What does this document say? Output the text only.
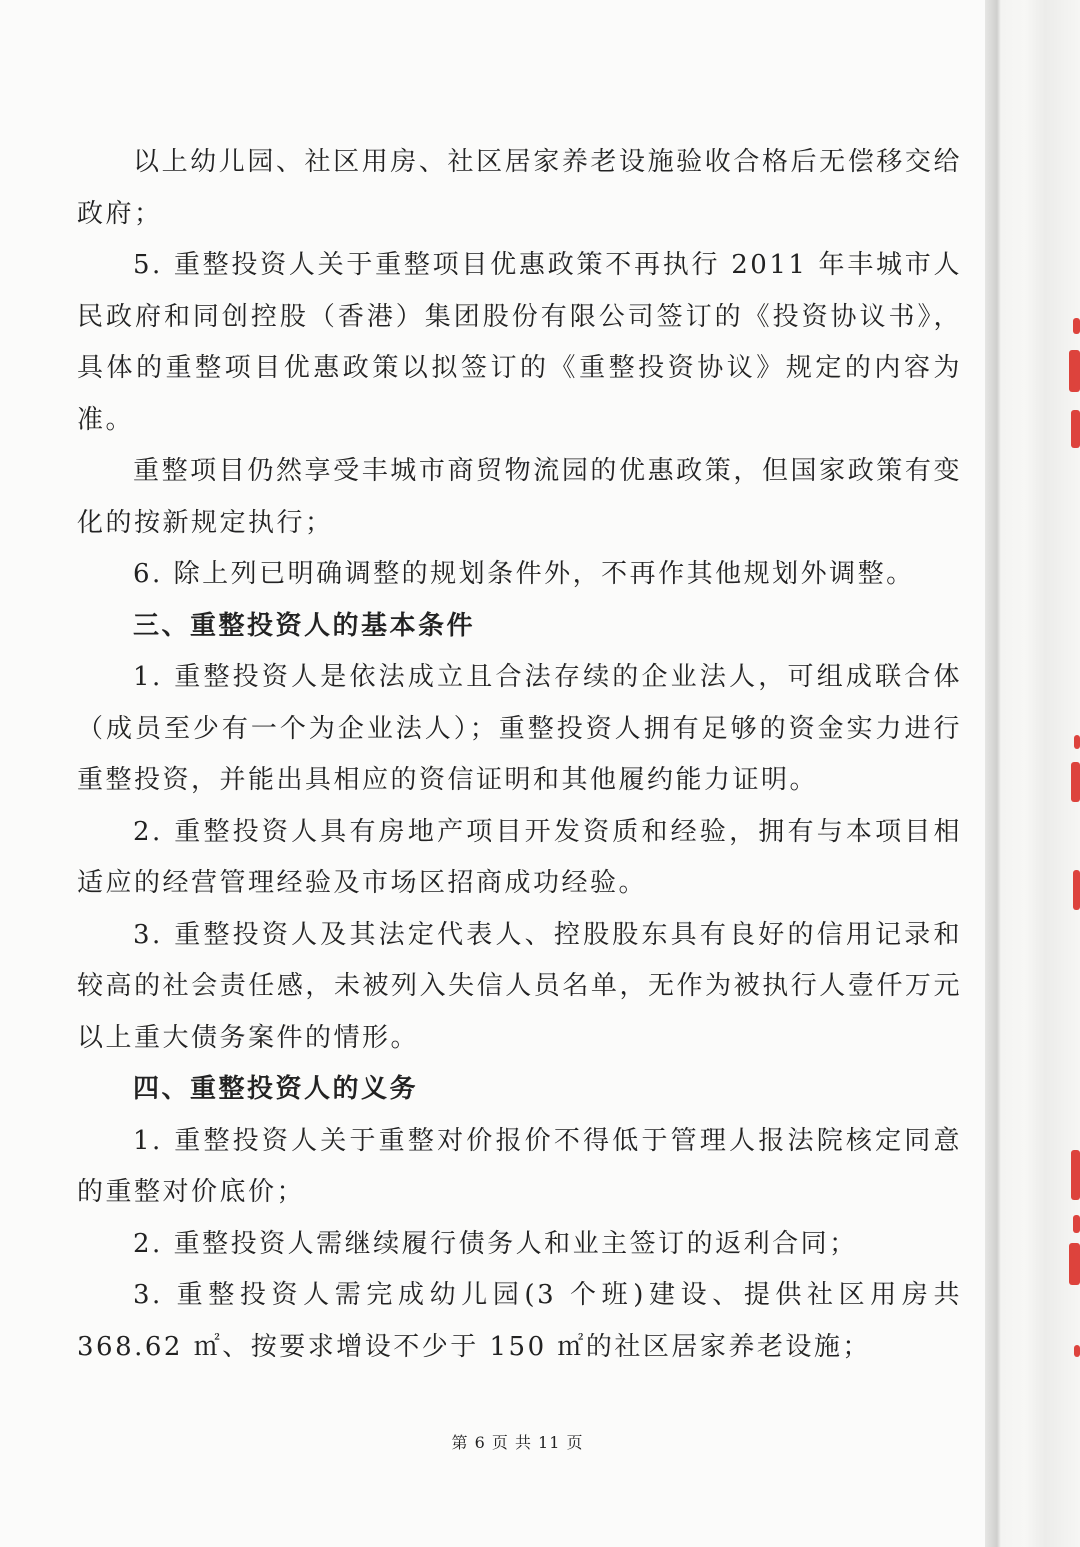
以上幼儿园、社区用房、社区居家养老设施验收合格后无偿移交给政府；

5. 重整投资人关于重整项目优惠政策不再执行 2011 年丰城市人民政府和同创控股（香港）集团股份有限公司签订的《投资协议书》，具体的重整项目优惠政策以拟签订的《重整投资协议》规定的内容为准。

重整项目仍然享受丰城市商贸物流园的优惠政策，但国家政策有变化的按新规定执行；

6. 除上列已明确调整的规划条件外，不再作其他规划外调整。

三、重整投资人的基本条件

1. 重整投资人是依法成立且合法存续的企业法人，可组成联合体（成员至少有一个为企业法人）；重整投资人拥有足够的资金实力进行重整投资，并能出具相应的资信证明和其他履约能力证明。

2. 重整投资人具有房地产项目开发资质和经验，拥有与本项目相适应的经营管理经验及市场区招商成功经验。

3. 重整投资人及其法定代表人、控股股东具有良好的信用记录和较高的社会责任感，未被列入失信人员名单，无作为被执行人壹仟万元以上重大债务案件的情形。

四、重整投资人的义务

1. 重整投资人关于重整对价报价不得低于管理人报法院核定同意的重整对价底价；

2. 重整投资人需继续履行债务人和业主签订的返利合同；

3. 重整投资人需完成幼儿园(3 个班)建设、提供社区用房共 368.62 ㎡、按要求增设不少于 150 ㎡的社区居家养老设施；

第 6 页 共 11 页
